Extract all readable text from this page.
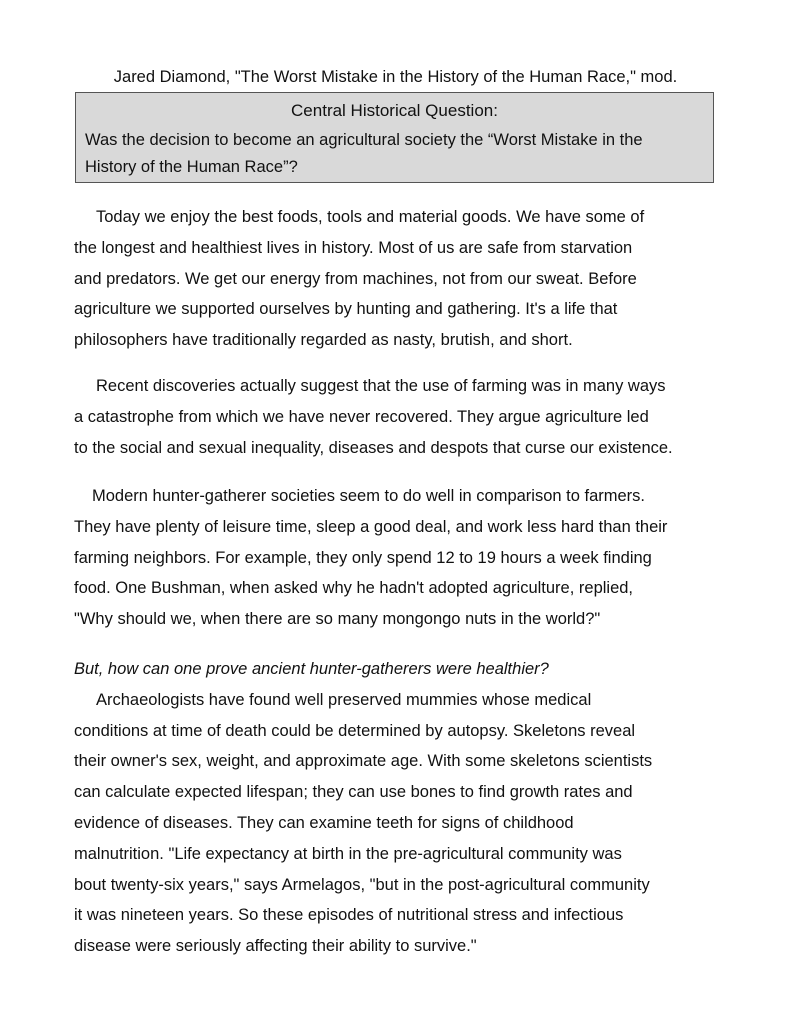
Jared Diamond, "The Worst Mistake in the History of the Human Race," mod.
Central Historical Question:
Was the decision to become an agricultural society the “Worst Mistake in the
History of the Human Race”?
Today we enjoy the best foods, tools and material goods. We have some of
the longest and healthiest lives in history. Most of us are safe from starvation
and predators. We get our energy from machines, not from our sweat. Before
agriculture we supported ourselves by hunting and gathering. It's a life that
philosophers have traditionally regarded as nasty, brutish, and short.
Recent discoveries actually suggest that the use of farming was in many ways
a catastrophe from which we have never recovered. They argue agriculture led
to the social and sexual inequality, diseases and despots that curse our existence.
Modern hunter-gatherer societies seem to do well in comparison to farmers.
They have plenty of leisure time, sleep a good deal, and work less hard than their
farming neighbors. For example, they only spend 12 to 19 hours a week finding
food. One Bushman, when asked why he hadn't adopted agriculture, replied,
"Why should we, when there are so many mongongo nuts in the world?"
But, how can one prove ancient hunter-gatherers were healthier?
Archaeologists have found well preserved mummies whose medical
conditions at time of death could be determined by autopsy. Skeletons reveal
their owner's sex, weight, and approximate age. With some skeletons scientists
can calculate expected lifespan; they can use bones to find growth rates and
evidence of diseases. They can examine teeth for signs of childhood
malnutrition. "Life expectancy at birth in the pre-agricultural community was
bout twenty-six years," says Armelagos, "but in the post-agricultural community
it was nineteen years. So these episodes of nutritional stress and infectious
disease were seriously affecting their ability to survive."
